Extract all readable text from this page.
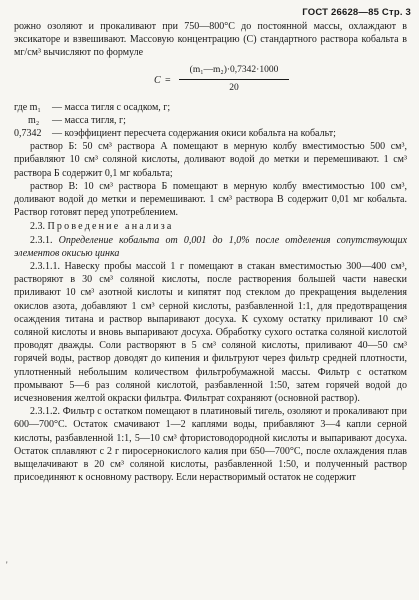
ГОСТ 26628—85 Стр. 3

рожно озоляют и прокаливают при 750—800°С до постоянной массы, охлаждают в эксикаторе и взвешивают. Массовую концентрацию (C) стандартного раствора кобальта в мг/см³ вычисляют по формуле

C =
(m₁—m₂)·0,7342·1000
20
где m₁	— масса тигля с осадком, г;
m₂	— масса тигля, г;
0,7342	— коэффициент пересчета содержания окиси кобальта на кобальт;

раствор Б: 50 см³ раствора А помещают в мерную колбу вместимостью 500 см³, прибавляют 10 см³ соляной кислоты, доливают водой до метки и перемешивают. 1 см³ раствора Б содержит 0,1 мг кобальта;

раствор В: 10 см³ раствора Б помещают в мерную колбу вместимостью 100 см³, доливают водой до метки и перемешивают. 1 см³ раствора В содержит 0,01 мг кобальта. Раствор готовят перед употреблением.

2.3. Проведение анализа

2.3.1. Определение кобальта от 0,001 до 1,0% после отделения сопутствующих элементов окисью цинка

2.3.1.1. Навеску пробы массой 1 г помещают в стакан вместимостью 300—400 см³, растворяют в 30 см³ соляной кислоты, после растворения большей части навески приливают 10 см³ азотной кислоты и кипятят под стеклом до прекращения выделения окислов азота, добавляют 1 см³ серной кислоты, разбавленной 1:1, для предотвращения осаждения титана и раствор выпаривают досуха. К сухому остатку приливают 10 см³ соляной кислоты и вновь выпаривают досуха. Обработку сухого остатка соляной кислотой проводят дважды. Соли растворяют в 5 см³ соляной кислоты, приливают 40—50 см³ горячей воды, раствор доводят до кипения и фильтруют через фильтр средней плотности, уплотненный небольшим количеством фильтробумажной массы. Фильтр с остатком промывают 5—6 раз соляной кислотой, разбавленной 1:50, затем горячей водой до исчезновения желтой окраски фильтра. Фильтрат сохраняют (основной раствор).

2.3.1.2. Фильтр с остатком помещают в платиновый тигель, озоляют и прокаливают при 600—700°С. Остаток смачивают 1—2 каплями воды, прибавляют 3—4 капли серной кислоты, разбавленной 1:1, 5—10 см³ фтористоводородной кислоты и выпаривают досуха. Остаток сплавляют с 2 г пиросернокислого калия при 650—700°С, после охлаждения плав выщелачивают в 20 см³ соляной кислоты, разбавленной 1:50, и полученный раствор присоединяют к основному раствору. Если нерастворимый остаток не содержит

'
